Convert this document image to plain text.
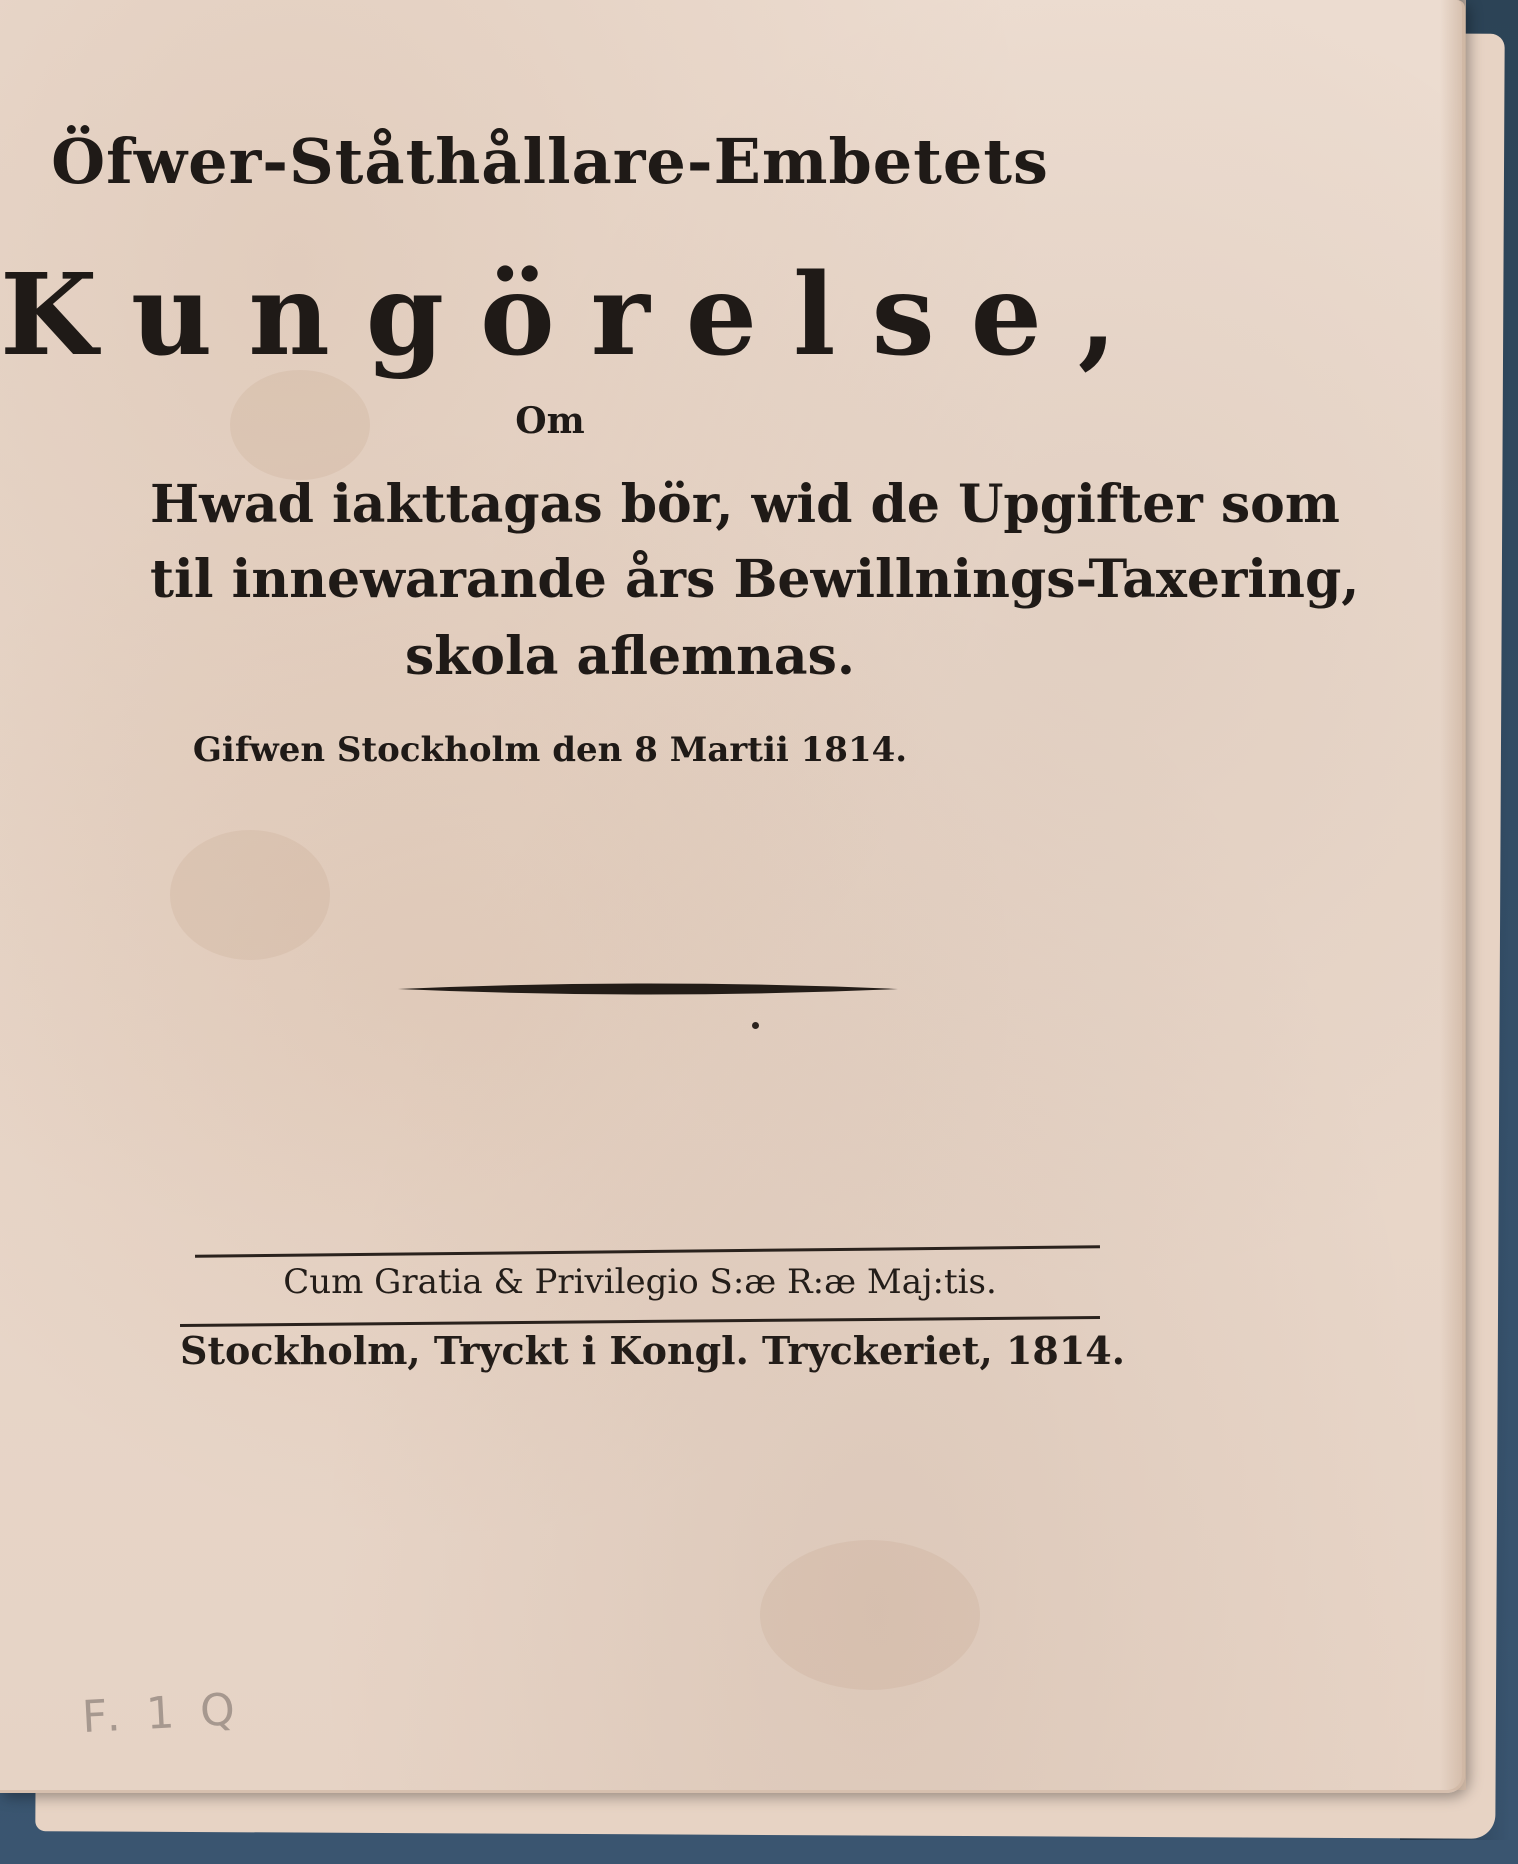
Öfwer-Ståthållare-Embetets
Kungörelse,

Om

Hwad iakttagas bör, wid de Upgifter som

til innewarande års Bewillnings-Taxering,

skola aflemnas.

Gifwen Stockholm den 8 Martii 1814.

Cum Gratia & Privilegio S:æ R:æ Maj:tis.

Stockholm, Tryckt i Kongl. Tryckeriet, 1814.

F. 1 Q
